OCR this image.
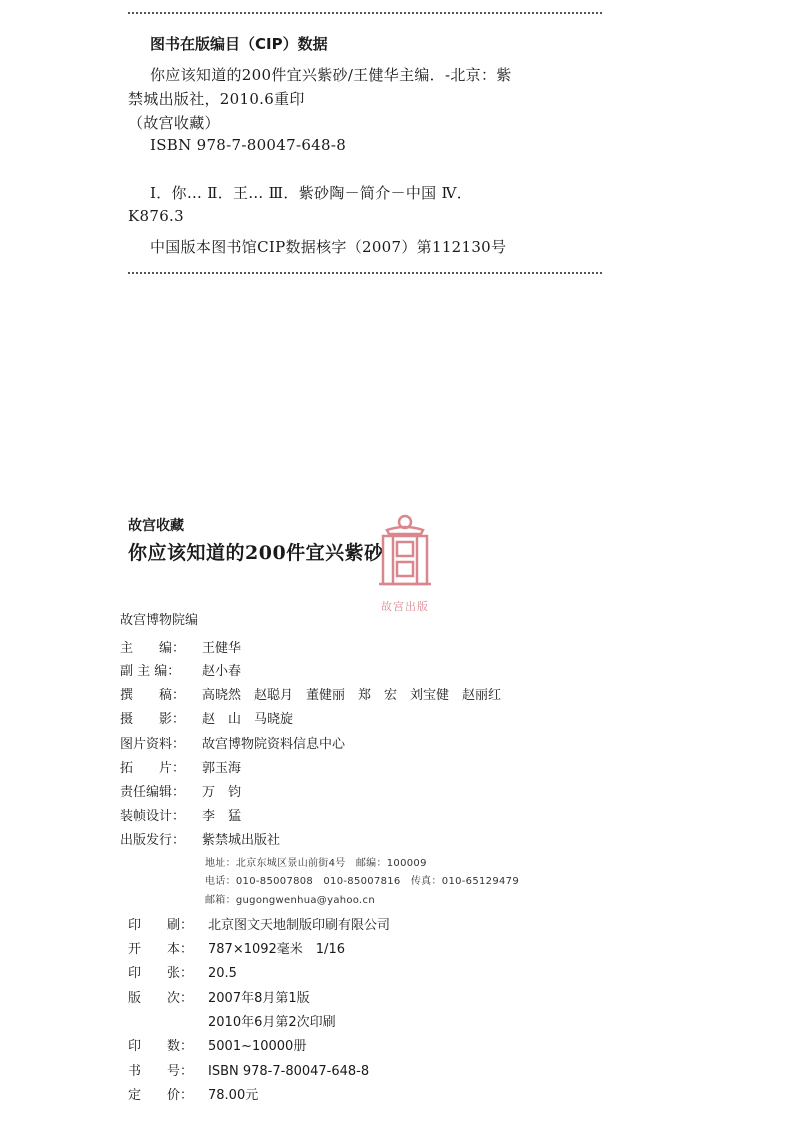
图书在版编目（CIP）数据
你应该知道的200件宜兴紫砂/王健华主编．-北京：紫
禁城出版社，2010.6重印
（故宫收藏）
ISBN 978-7-80047-648-8
Ⅰ．你… Ⅱ．王… Ⅲ．紫砂陶－简介－中国 Ⅳ．
K876.3
中国版本图书馆CIP数据核字（2007）第112130号
故宫收藏
你应该知道的200件宜兴紫砂
故宫出版
故宫博物院编
主　　编：	王健华
副 主 编：	赵小春
撰　　稿：	高晓然　赵聪月　董健丽　郑　宏　刘宝健　赵丽红
摄　　影：	赵　山　马晓旋
图片资料：	故宫博物院资料信息中心
拓　　片：	郭玉海
责任编辑：	万　钧
装帧设计：	李　猛
出版发行：	紫禁城出版社
地址：北京东城区景山前街4号　邮编：100009
电话：010-85007808　010-85007816　传真：010-65129479
邮箱：gugongwenhua@yahoo.cn
印　　刷： 北京图文天地制版印刷有限公司
开　　本： 787×1092毫米　1/16
印　　张： 20.5
版　　次： 2007年8月第1版
2010年6月第2次印刷
印　　数： 5001~10000册
书　　号： ISBN 978-7-80047-648-8
定　　价： 78.00元
